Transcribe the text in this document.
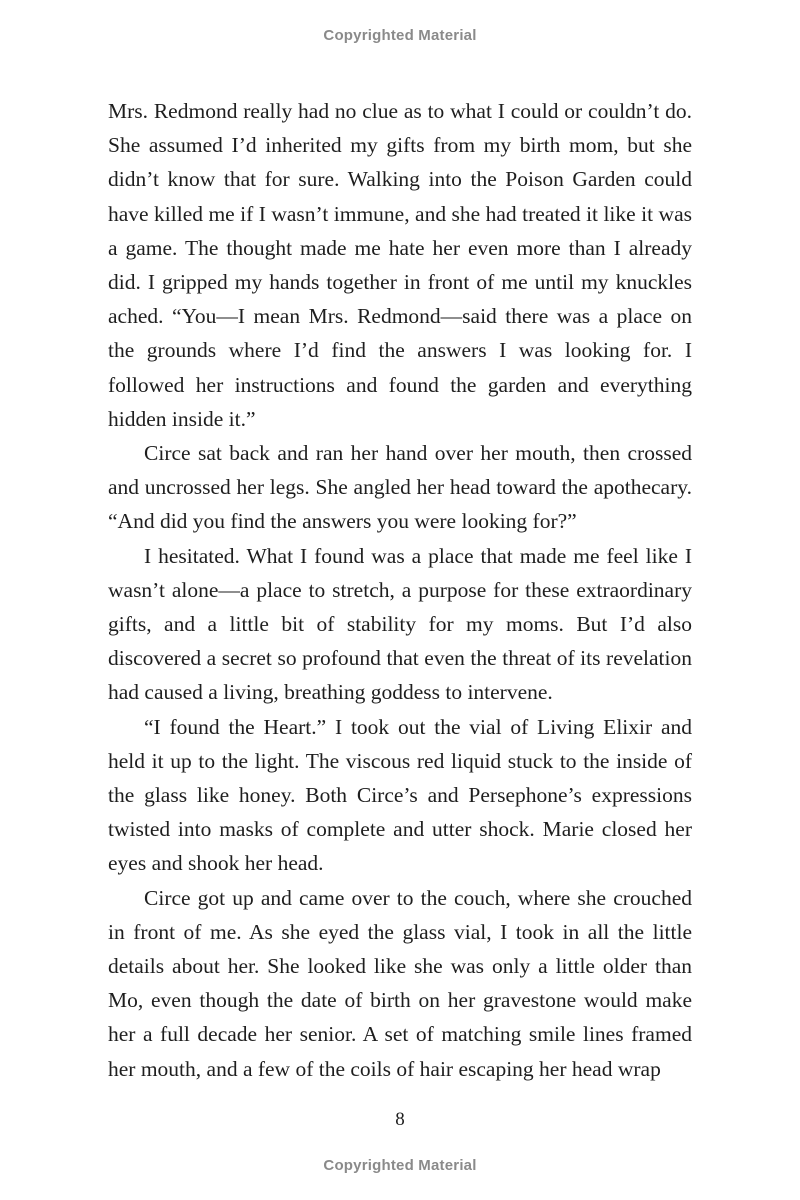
Copyrighted Material

Mrs. Redmond really had no clue as to what I could or couldn’t do. She assumed I’d inherited my gifts from my birth mom, but she didn’t know that for sure. Walking into the Poison Garden could have killed me if I wasn’t immune, and she had treated it like it was a game. The thought made me hate her even more than I already did. I gripped my hands together in front of me until my knuckles ached. “You—I mean Mrs. Redmond—said there was a place on the grounds where I’d find the answers I was looking for. I followed her instructions and found the garden and everything hidden inside it.”

Circe sat back and ran her hand over her mouth, then crossed and uncrossed her legs. She angled her head toward the apothecary. “And did you find the answers you were looking for?”

I hesitated. What I found was a place that made me feel like I wasn’t alone—a place to stretch, a purpose for these extraordinary gifts, and a little bit of stability for my moms. But I’d also discovered a secret so profound that even the threat of its revelation had caused a living, breathing goddess to intervene.

“I found the Heart.” I took out the vial of Living Elixir and held it up to the light. The viscous red liquid stuck to the inside of the glass like honey. Both Circe’s and Persephone’s expressions twisted into masks of complete and utter shock. Marie closed her eyes and shook her head.

Circe got up and came over to the couch, where she crouched in front of me. As she eyed the glass vial, I took in all the little details about her. She looked like she was only a little older than Mo, even though the date of birth on her gravestone would make her a full decade her senior. A set of matching smile lines framed her mouth, and a few of the coils of hair escaping her head wrap

8
Copyrighted Material
